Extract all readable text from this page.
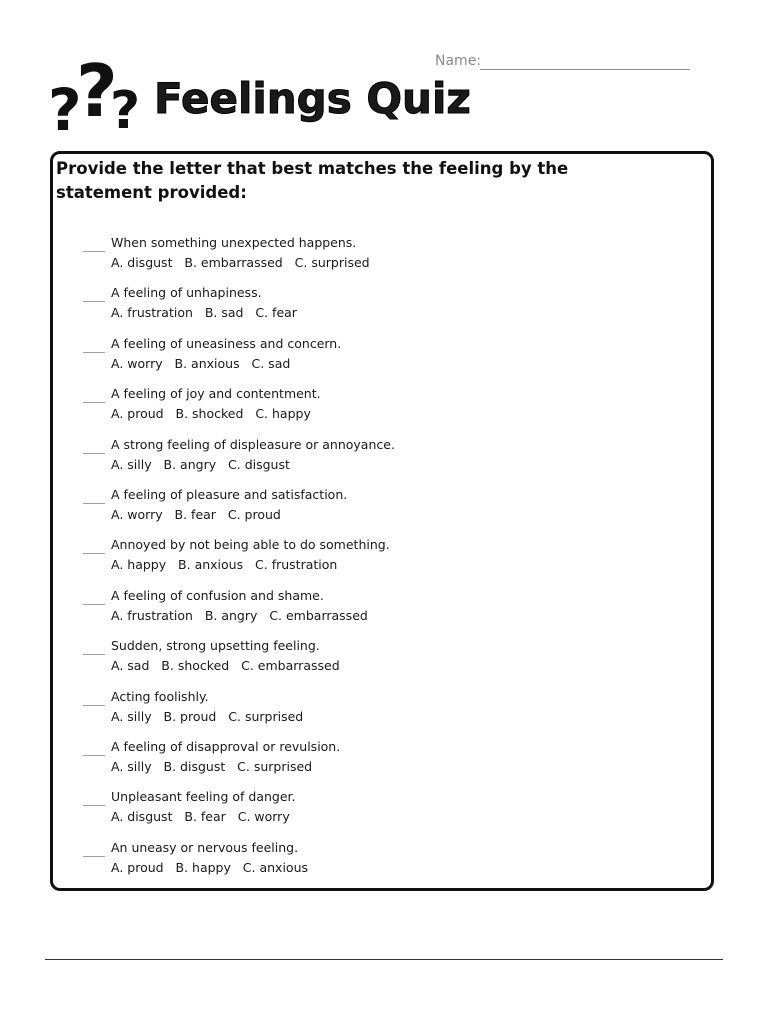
Name:
?
?
? Feelings Quiz
Provide the letter that best matches the feeling by the statement provided:
When something unexpected happens.
A. disgust   B. embarrassed   C. surprised
A feeling of unhapiness.
A. frustration   B. sad   C. fear
A feeling of uneasiness and concern.
A. worry   B. anxious   C. sad
A feeling of joy and contentment.
A. proud   B. shocked   C. happy
A strong feeling of displeasure or annoyance.
A. silly   B. angry   C. disgust
A feeling of pleasure and satisfaction.
A. worry   B. fear   C. proud
Annoyed by not being able to do something.
A. happy   B. anxious   C. frustration
A feeling of confusion and shame.
A. frustration   B. angry   C. embarrassed
Sudden, strong upsetting feeling.
A. sad   B. shocked   C. embarrassed
Acting foolishly.
A. silly   B. proud   C. surprised
A feeling of disapproval or revulsion.
A. silly   B. disgust   C. surprised
Unpleasant feeling of danger.
A. disgust   B. fear   C. worry
An uneasy or nervous feeling.
A. proud   B. happy   C. anxious
